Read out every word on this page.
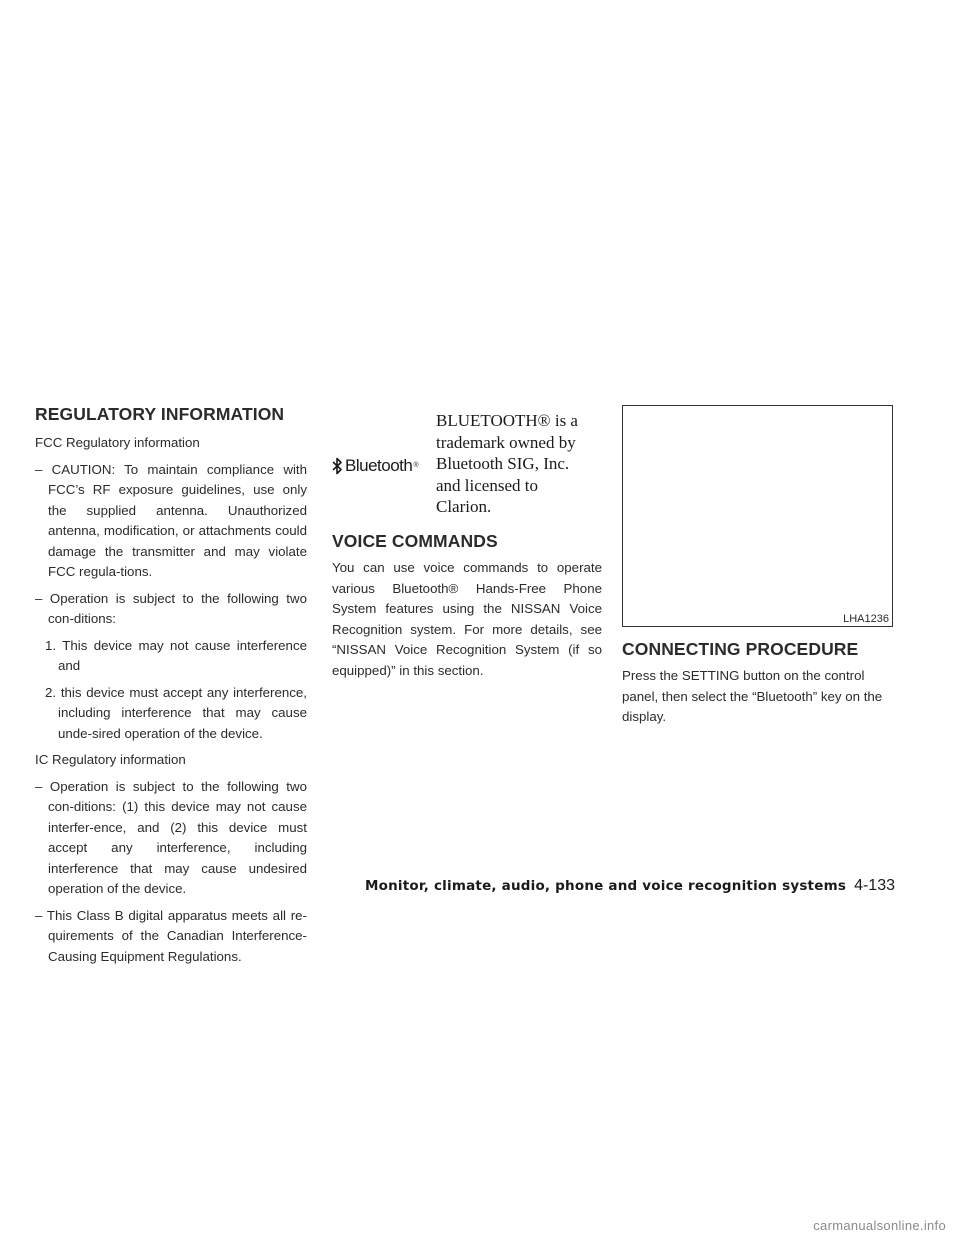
REGULATORY INFORMATION

FCC Regulatory information

– CAUTION: To maintain compliance with FCC’s RF exposure guidelines, use only the supplied antenna. Unauthorized antenna, modification, or attachments could damage the transmitter and may violate FCC regula-tions.

– Operation is subject to the following two con-ditions:

1. This device may not cause interference and

2. this device must accept any interference, including interference that may cause unde-sired operation of the device.

IC Regulatory information

– Operation is subject to the following two con-ditions: (1) this device may not cause interfer-ence, and (2) this device must accept any interference, including interference that may cause undesired operation of the device.

– This Class B digital apparatus meets all re-quirements of the Canadian Interference-Causing Equipment Regulations.

Bluetooth ®
BLUETOOTH® is a trademark owned by Bluetooth SIG, Inc. and licensed to Clarion.
VOICE COMMANDS

You can use voice commands to operate various Bluetooth® Hands-Free Phone System features using the NISSAN Voice Recognition system. For more details, see “NISSAN Voice Recognition System (if so equipped)” in this section.

LHA1236
CONNECTING PROCEDURE

Press the SETTING button on the control panel, then select the “Bluetooth” key on the display.

Monitor, climate, audio, phone and voice recognition systems 4-133
carmanualsonline.info
